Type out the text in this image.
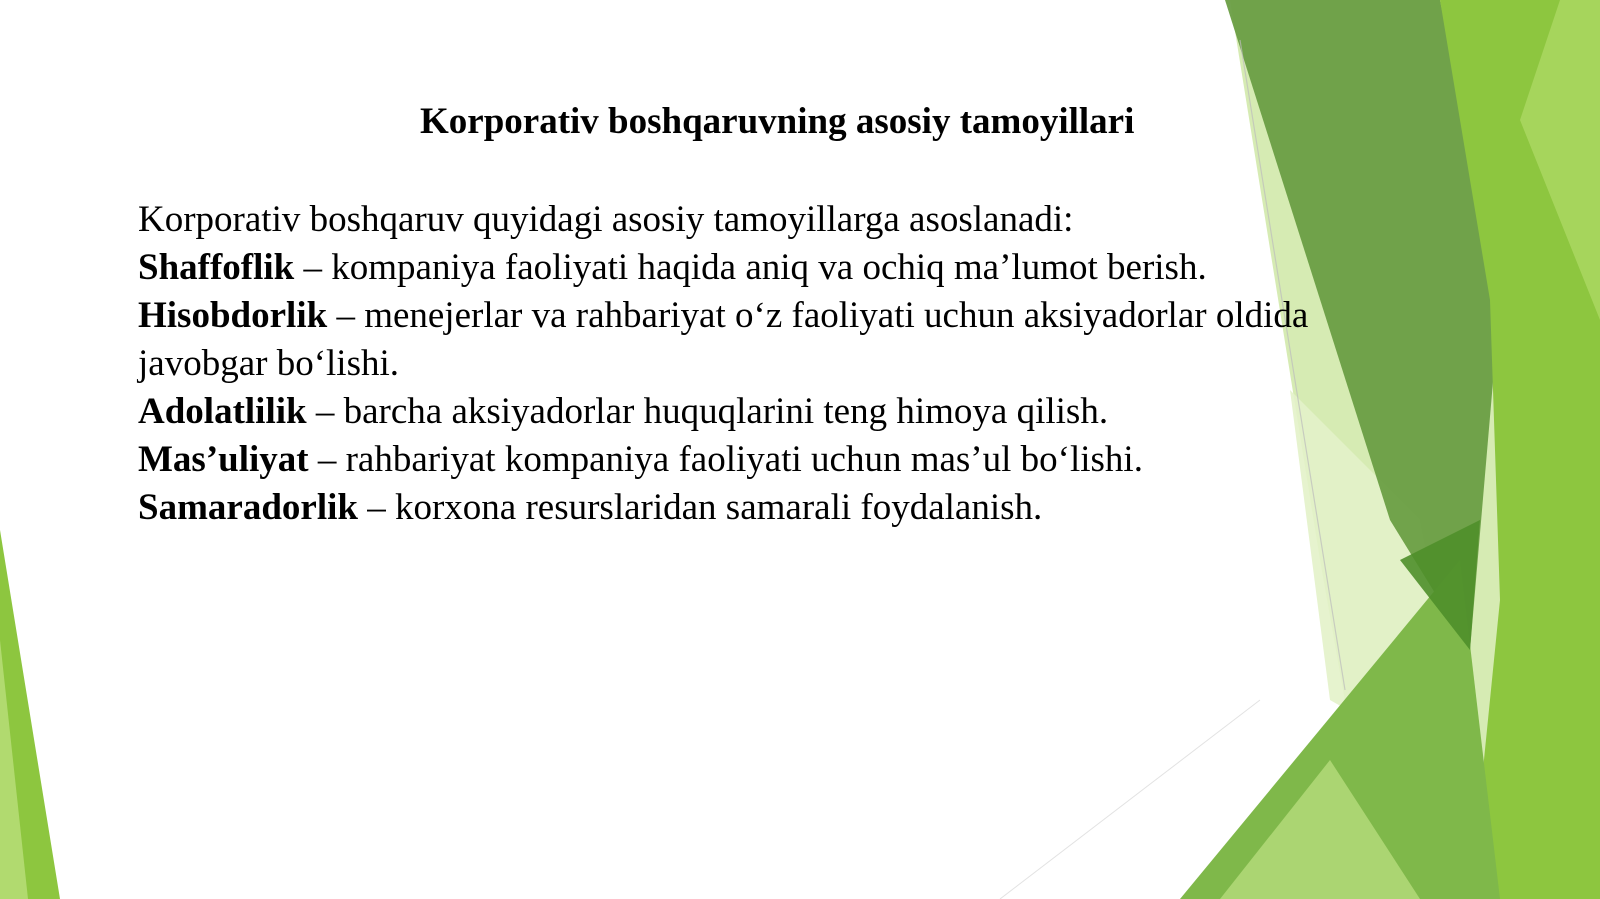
Korporativ boshqaruvning asosiy tamoyillari

Korporativ boshqaruv quyidagi asosiy tamoyillarga asoslanadi:

Shaffoflik – kompaniya faoliyati haqida aniq va ochiq ma’lumot berish.

Hisobdorlik – menejerlar va rahbariyat o‘z faoliyati uchun aksiyadorlar oldida javobgar bo‘lishi.

Adolatlilik – barcha aksiyadorlar huquqlarini teng himoya qilish.

Mas’uliyat – rahbariyat kompaniya faoliyati uchun mas’ul bo‘lishi.

Samaradorlik – korxona resurslaridan samarali foydalanish.
